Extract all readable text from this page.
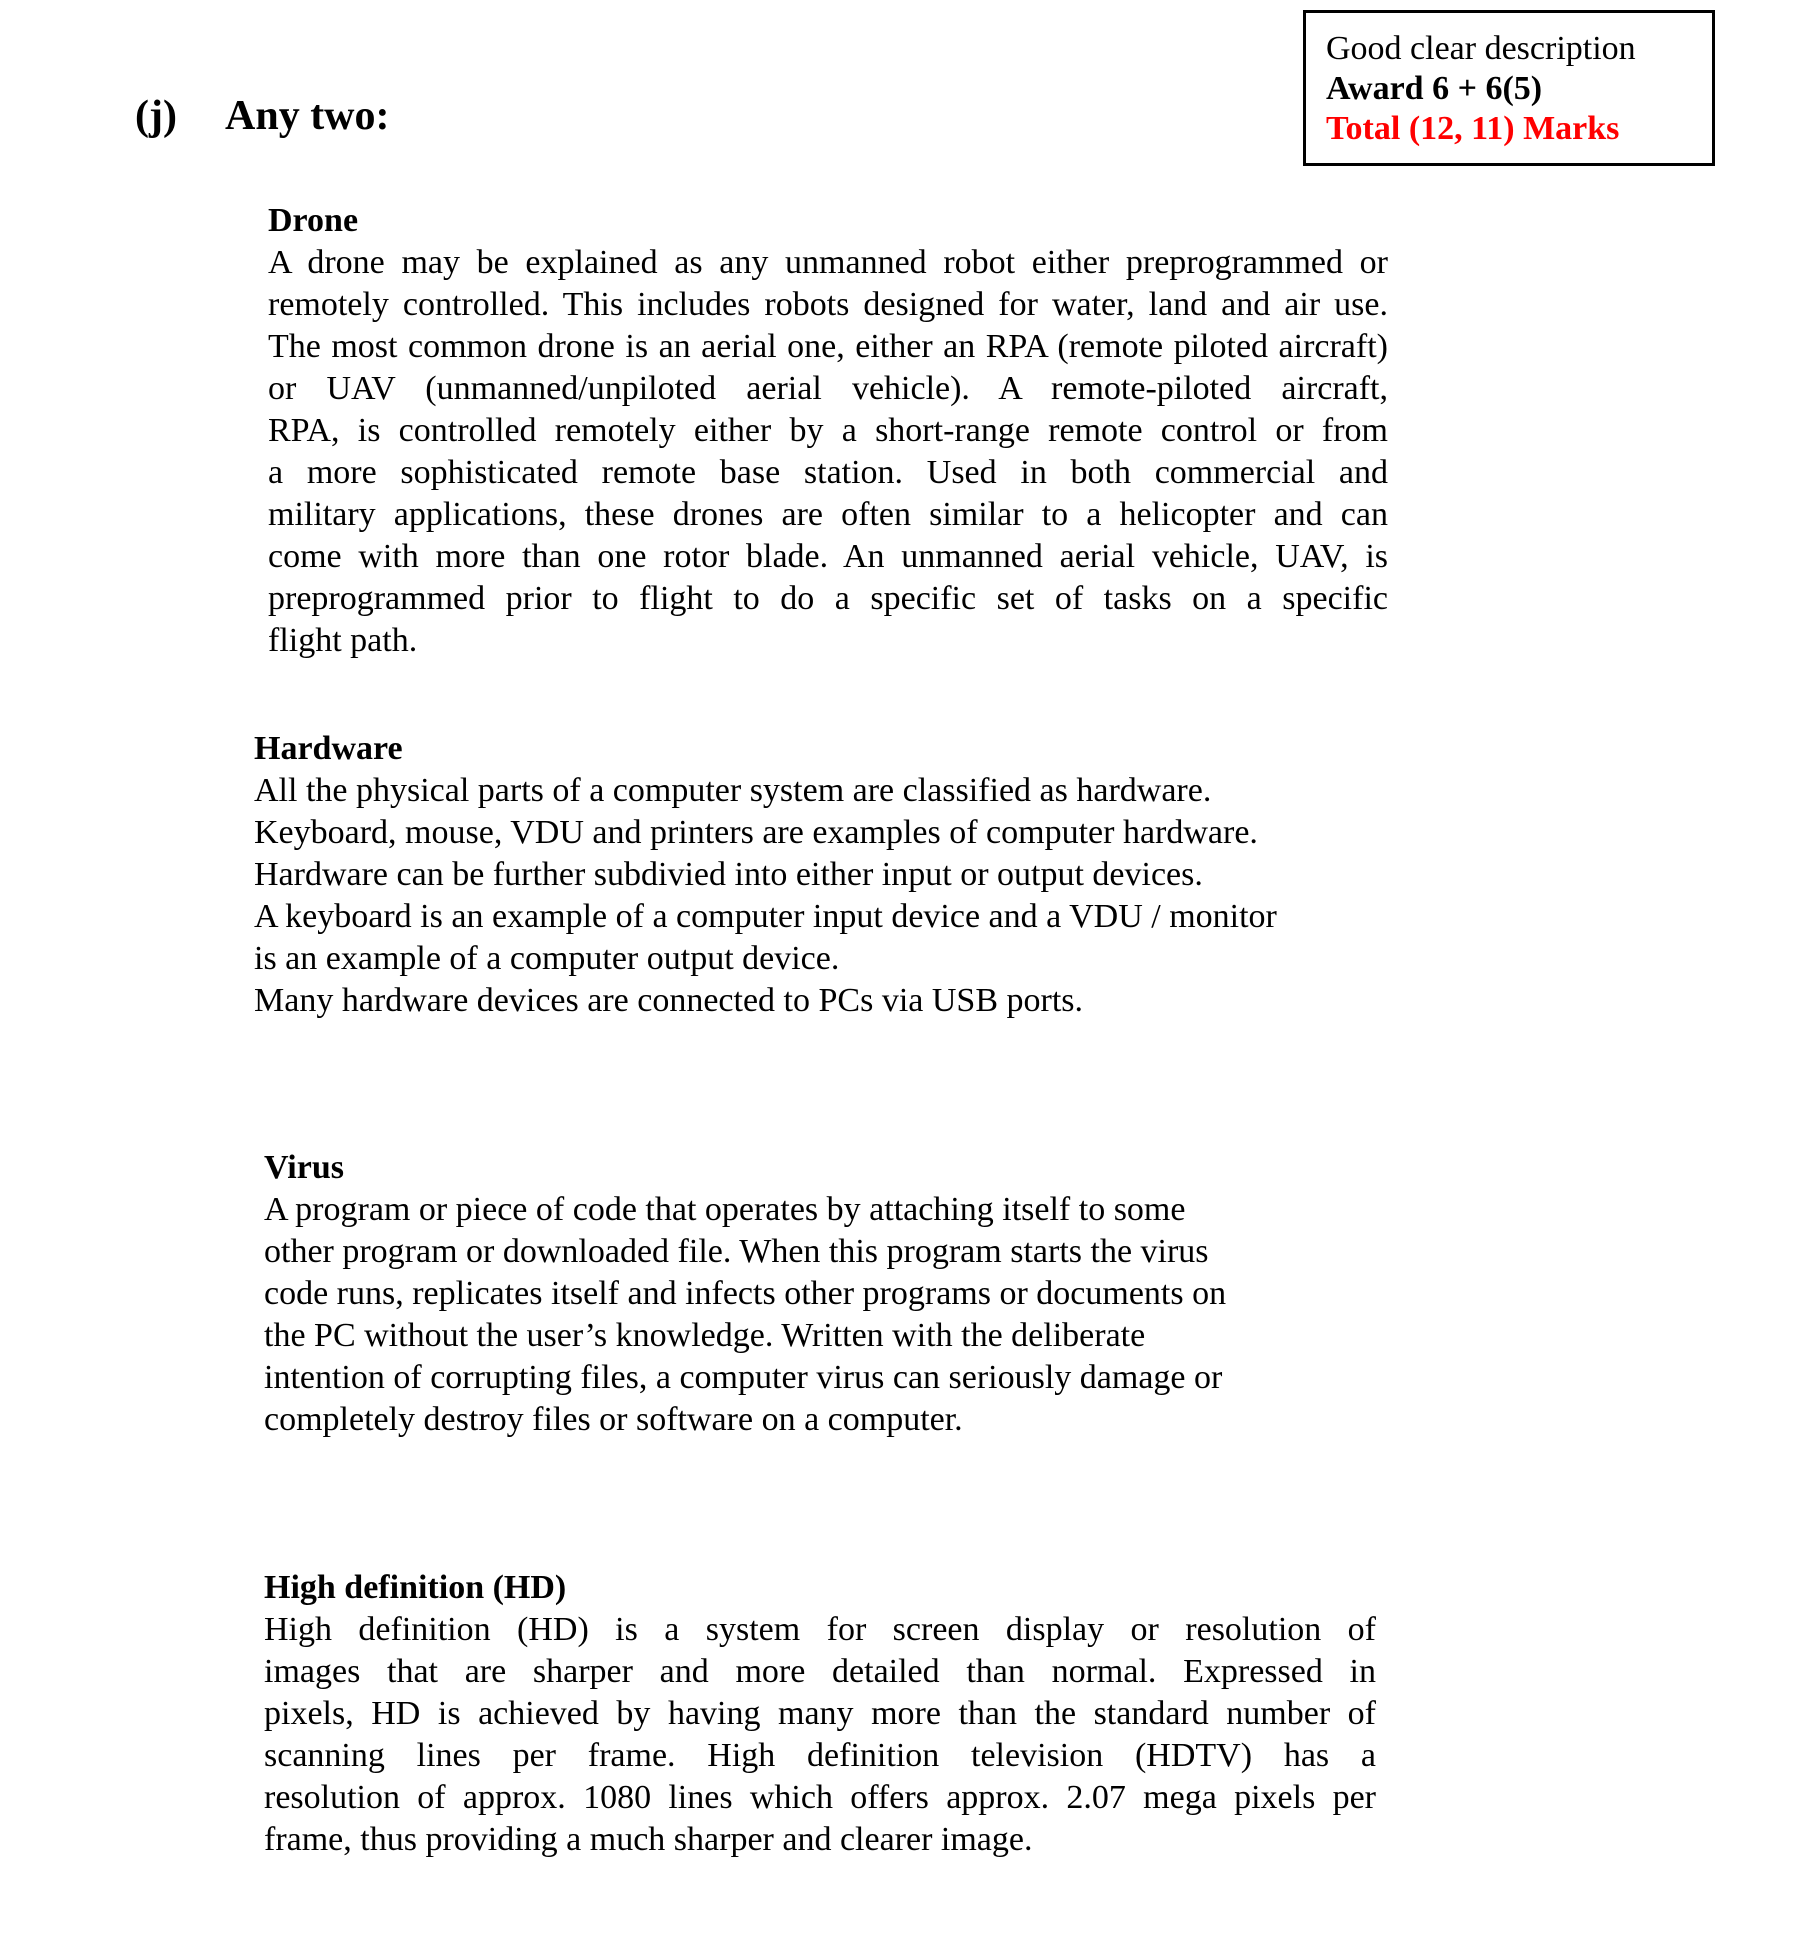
Good clear description
Award 6 + 6(5)
Total (12, 11) Marks
(j)	Any two:
Drone
A drone may be explained as any unmanned robot either preprogrammed or
remotely controlled. This includes robots designed for water, land and air use.
The most common drone is an aerial one, either an RPA (remote piloted aircraft)
or UAV (unmanned/unpiloted aerial vehicle). A remote-piloted aircraft,
RPA, is controlled remotely either by a short-range remote control or from
a more sophisticated remote base station. Used in both commercial and
military applications, these drones are often similar to a helicopter and can
come with more than one rotor blade. An unmanned aerial vehicle, UAV, is
preprogrammed prior to flight to do a specific set of tasks on a specific
flight path.
Hardware
All the physical parts of a computer system are classified as hardware.
Keyboard, mouse, VDU and printers are examples of computer hardware.
Hardware can be further subdivied into either input or output devices.
A keyboard is an example of a computer input device and a VDU / monitor
is an example of a computer output device.
Many hardware devices are connected to PCs via USB ports.
Virus
A program or piece of code that operates by attaching itself to some
other program or downloaded file. When this program starts the virus
code runs, replicates itself and infects other programs or documents on
the PC without the user’s knowledge. Written with the deliberate
intention of corrupting files, a computer virus can seriously damage or
completely destroy files or software on a computer.
High definition (HD)
High definition (HD) is a system for screen display or resolution of
images that are sharper and more detailed than normal. Expressed in
pixels, HD is achieved by having many more than the standard number of
scanning lines per frame. High definition television (HDTV) has a
resolution of approx. 1080 lines which offers approx. 2.07 mega pixels per
frame, thus providing a much sharper and clearer image.
